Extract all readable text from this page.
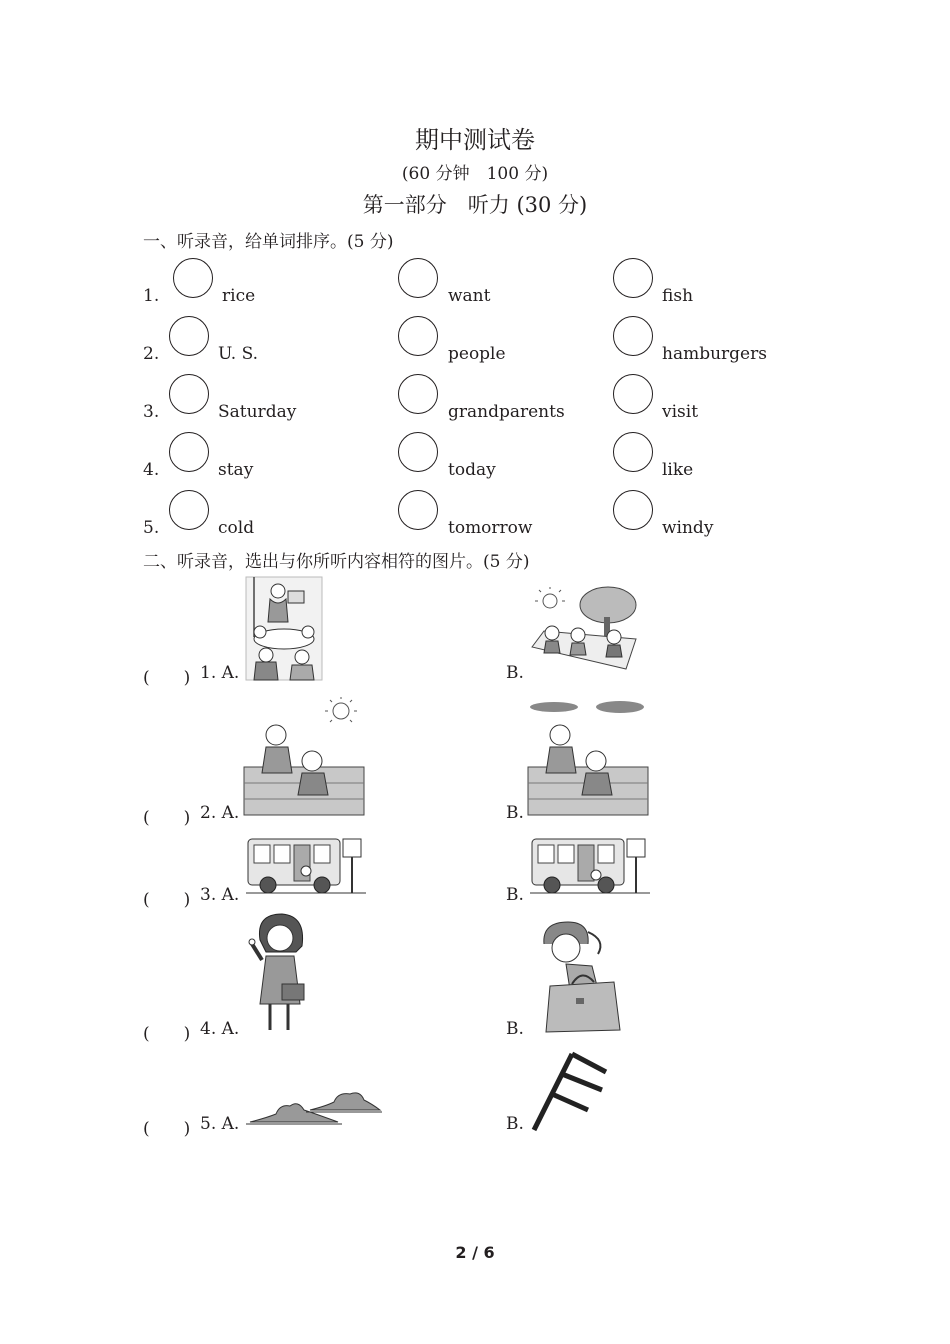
期中测试卷
(60 分钟　100 分)
第一部分　听力 (30 分)
一、听录音，给单词排序。(5 分)
1.	rice	want	fish
2.	U. S.	people	hamburgers
3.	Saturday	grandparents	visit
4.	stay	today	like
5.	cold	tomorrow	windy
二、听录音，选出与你所听内容相符的图片。(5 分)
(　　) 1. A.	B.
(　　) 2. A.	B.
(　　) 3. A.	B.
(　　) 4. A.	B.
(　　) 5. A.	B.
2 / 6
